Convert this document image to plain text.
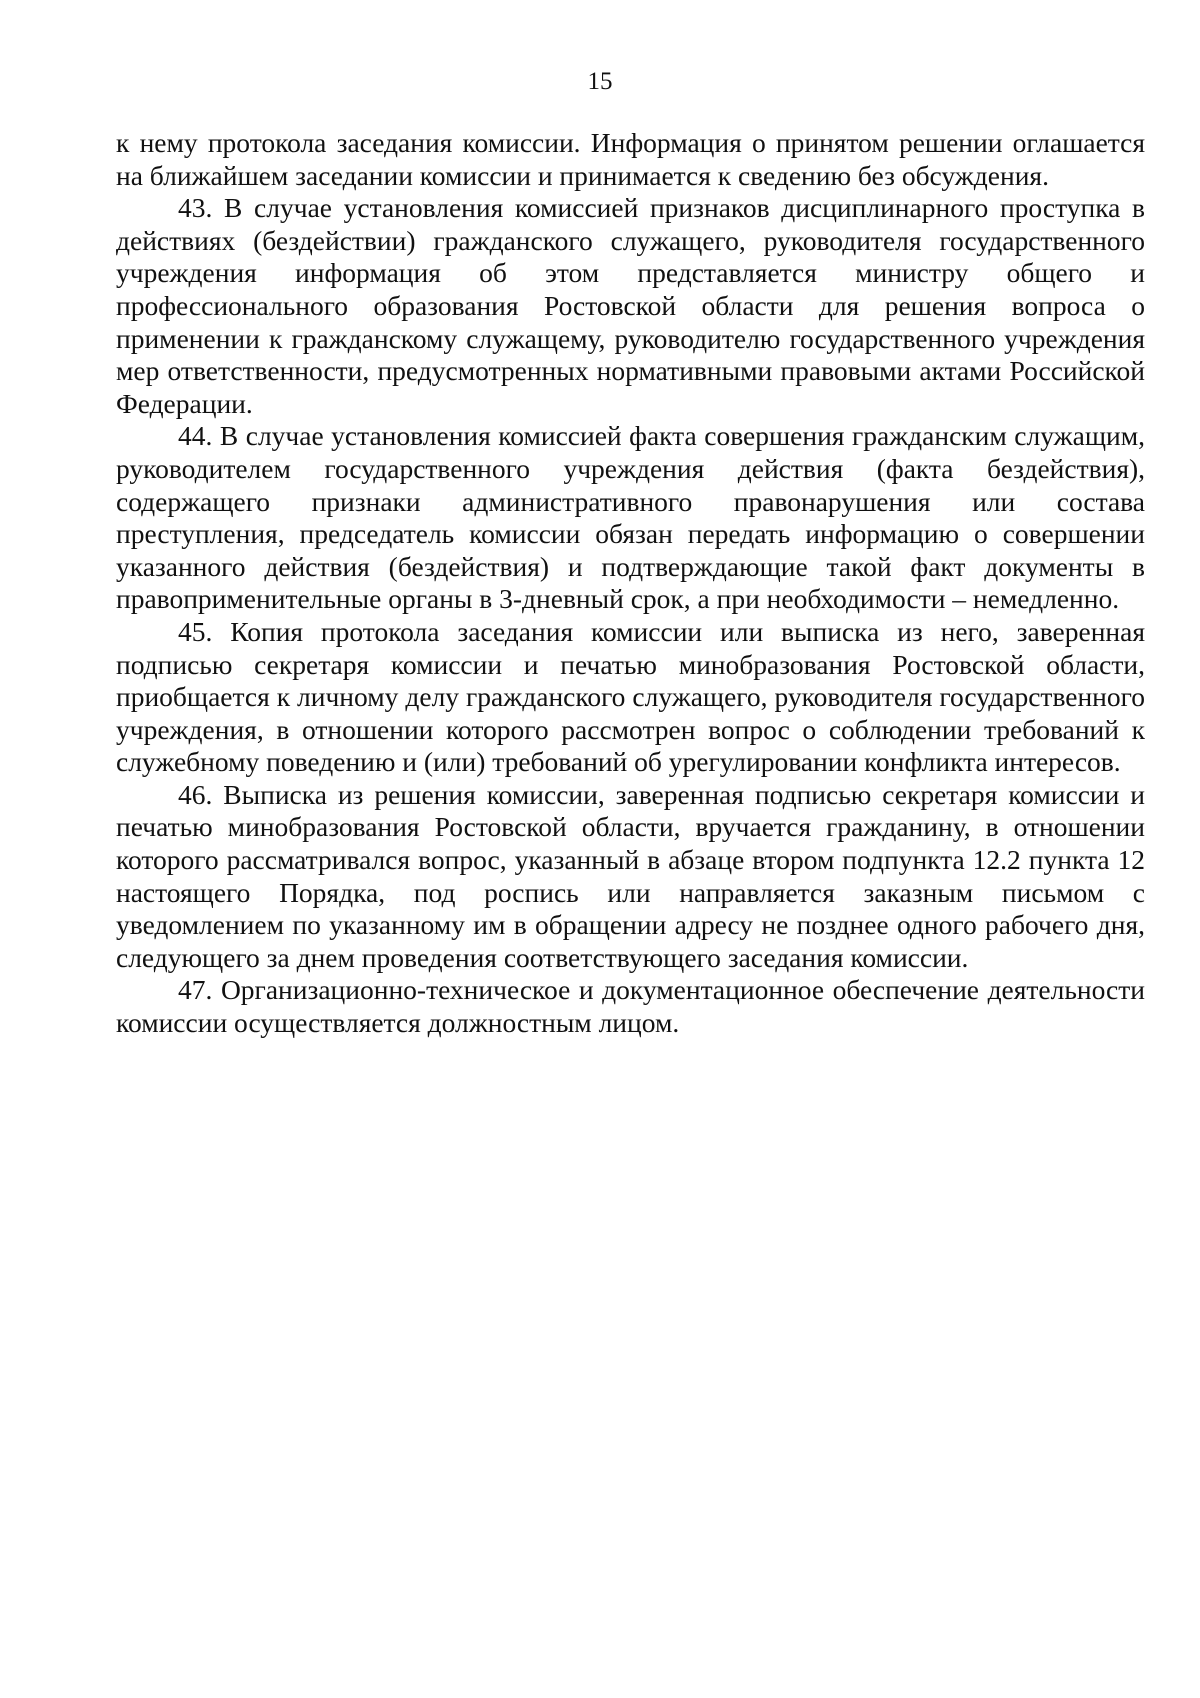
15

к нему протокола заседания комиссии. Информация о принятом решении оглашается на ближайшем заседании комиссии и принимается к сведению без обсуждения.

43. В случае установления комиссией признаков дисциплинарного проступка в действиях (бездействии) гражданского служащего, руководителя государственного учреждения информация об этом представляется министру общего и профессионального образования Ростовской области для решения вопроса о применении к гражданскому служащему, руководителю государственного учреждения мер ответственности, предусмотренных нормативными правовыми актами Российской Федерации.

44. В случае установления комиссией факта совершения гражданским служащим, руководителем государственного учреждения действия (факта бездействия), содержащего признаки административного правонарушения или состава преступления, председатель комиссии обязан передать информацию о совершении указанного действия (бездействия) и подтверждающие такой факт документы в правоприменительные органы в 3-дневный срок, а при необходимости – немедленно.

45. Копия протокола заседания комиссии или выписка из него, заверенная подписью секретаря комиссии и печатью минобразования Ростовской области, приобщается к личному делу гражданского служащего, руководителя государственного учреждения, в отношении которого рассмотрен вопрос о соблюдении требований к служебному поведению и (или) требований об урегулировании конфликта интересов.

46. Выписка из решения комиссии, заверенная подписью секретаря комиссии и печатью минобразования Ростовской области, вручается гражданину, в отношении которого рассматривался вопрос, указанный в абзаце втором подпункта 12.2 пункта 12 настоящего Порядка, под роспись или направляется заказным письмом с уведомлением по указанному им в обращении адресу не позднее одного рабочего дня, следующего за днем проведения соответствующего заседания комиссии.

47. Организационно-техническое и документационное обеспечение деятельности комиссии осуществляется должностным лицом.
